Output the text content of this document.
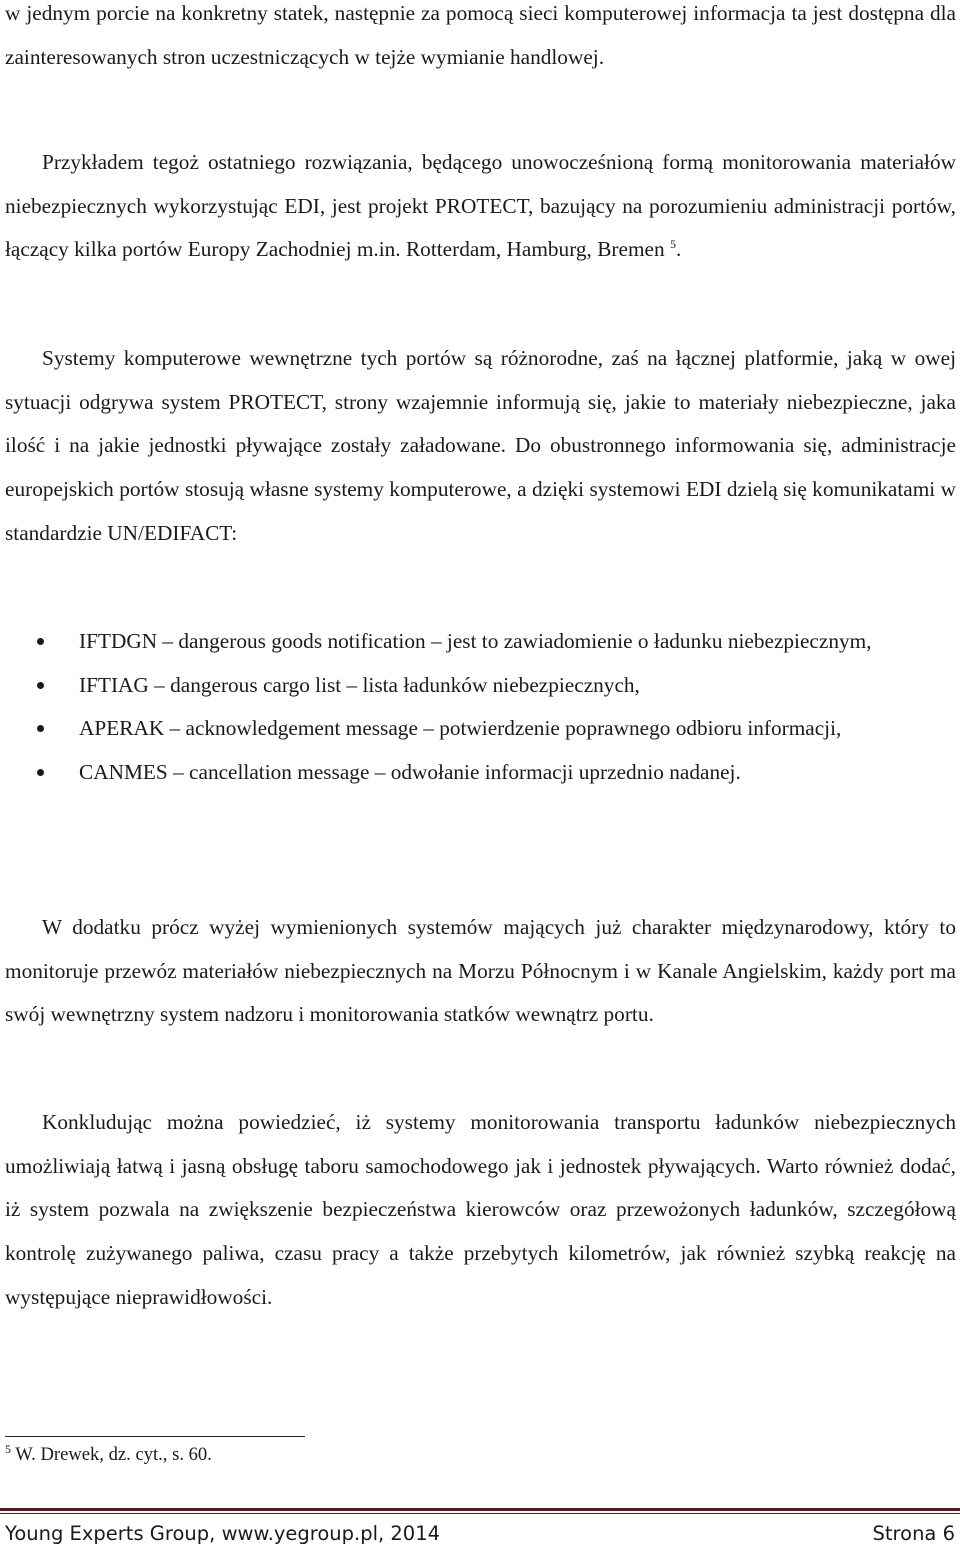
w jednym porcie na konkretny statek, następnie za pomocą sieci komputerowej informacja ta jest dostępna dla zainteresowanych stron uczestniczących w tejże wymianie handlowej.

Przykładem tegoż ostatniego rozwiązania, będącego unowocześnioną formą monitorowania materiałów niebezpiecznych wykorzystując EDI, jest projekt PROTECT, bazujący na porozumieniu administracji portów, łączący kilka portów Europy Zachodniej m.in. Rotterdam, Hamburg, Bremen $^5$.

Systemy komputerowe wewnętrzne tych portów są różnorodne, zaś na łącznej platformie, jaką w owej sytuacji odgrywa system PROTECT, strony wzajemnie informują się, jakie to materiały niebezpieczne, jaka ilość i na jakie jednostki pływające zostały załadowane. Do obustronnego informowania się, administracje europejskich portów stosują własne systemy komputerowe, a dzięki systemowi EDI dzielą się komunikatami w standardzie UN/EDIFACT:

IFTDGN – dangerous goods notification – jest to zawiadomienie o ładunku niebezpiecznym,
IFTIAG – dangerous cargo list – lista ładunków niebezpiecznych,
APERAK – acknowledgement message – potwierdzenie poprawnego odbioru informacji,
CANMES – cancellation message – odwołanie informacji uprzednio nadanej.

W dodatku prócz wyżej wymienionych systemów mających już charakter międzynarodowy, który to monitoruje przewóz materiałów niebezpiecznych na Morzu Północnym i w Kanale Angielskim, każdy port ma swój wewnętrzny system nadzoru i monitorowania statków wewnątrz portu.

Konkludując można powiedzieć, iż systemy monitorowania transportu ładunków niebezpiecznych umożliwiają łatwą i jasną obsługę taboru samochodowego jak i jednostek pływających. Warto również dodać, iż system pozwala na zwiększenie bezpieczeństwa kierowców oraz przewożonych ładunków, szczegółową kontrolę zużywanego paliwa, czasu pracy a także przebytych kilometrów, jak również szybką reakcję na występujące nieprawidłowości.

$^5$ W. Drewek, dz. cyt., s. 60.
Young Experts Group, www.yegroup.pl, 2014	Strona 6
